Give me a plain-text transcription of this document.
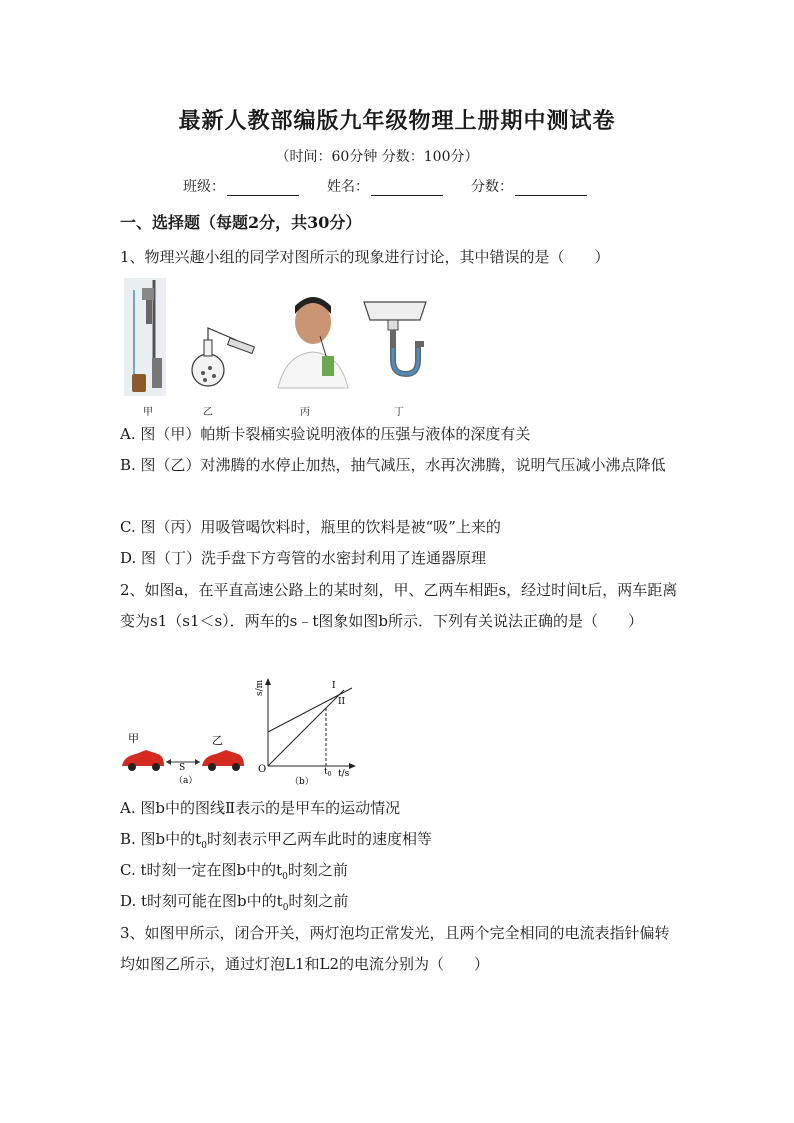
最新人教部编版九年级物理上册期中测试卷
（时间：60分钟 分数：100分）
班级：	姓名：	分数：
一、选择题（每题2分，共30分）
1、物理兴趣小组的同学对图所示的现象进行讨论，其中错误的是（　　）
甲	乙	丙	丁
A. 图（甲）帕斯卡裂桶实验说明液体的压强与液体的深度有关
B. 图（乙）对沸腾的水停止加热，抽气减压，水再次沸腾，说明气压减小沸点降低
C. 图（丙）用吸管喝饮料时，瓶里的饮料是被“吸”上来的
D. 图（丁）洗手盘下方弯管的水密封利用了连通器原理
2、如图a，在平直高速公路上的某时刻，甲、乙两车相距s，经过时间t后，两车距离变为s1（s1＜s）．两车的s﹣t图象如图b所示．下列有关说法正确的是（　　）
甲	乙
S
（a）
s/m
t/s
O	$t_0$
I
II
（b）
A. 图b中的图线Ⅱ表示的是甲车的运动情况
B. 图b中的$t_0$时刻表示甲乙两车此时的速度相等
C. t时刻一定在图b中的$t_0$时刻之前
D. t时刻可能在图b中的$t_0$时刻之前
3、如图甲所示，闭合开关，两灯泡均正常发光，且两个完全相同的电流表指针偏转均如图乙所示，通过灯泡L1和L2的电流分别为（　　）
